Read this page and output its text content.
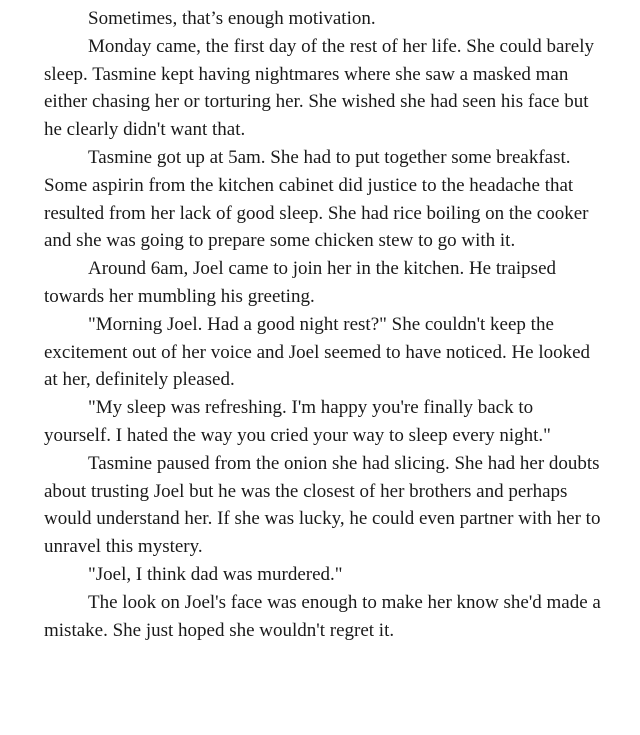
Sometimes, that’s enough motivation.

Monday came, the first day of the rest of her life. She could barely sleep. Tasmine kept having nightmares where she saw a masked man either chasing her or torturing her. She wished she had seen his face but he clearly didn't want that.

Tasmine got up at 5am. She had to put together some breakfast. Some aspirin from the kitchen cabinet did justice to the headache that resulted from her lack of good sleep. She had rice boiling on the cooker and she was going to prepare some chicken stew to go with it.

Around 6am, Joel came to join her in the kitchen. He traipsed towards her mumbling his greeting.

"Morning Joel. Had a good night rest?" She couldn't keep the excitement out of her voice and Joel seemed to have noticed. He looked at her, definitely pleased.

"My sleep was refreshing. I'm happy you're finally back to yourself. I hated the way you cried your way to sleep every night."

Tasmine paused from the onion she had slicing. She had her doubts about trusting Joel but he was the closest of her brothers and perhaps would understand her. If she was lucky, he could even partner with her to unravel this mystery.

"Joel, I think dad was murdered."

The look on Joel's face was enough to make her know she'd made a mistake. She just hoped she wouldn't regret it.
